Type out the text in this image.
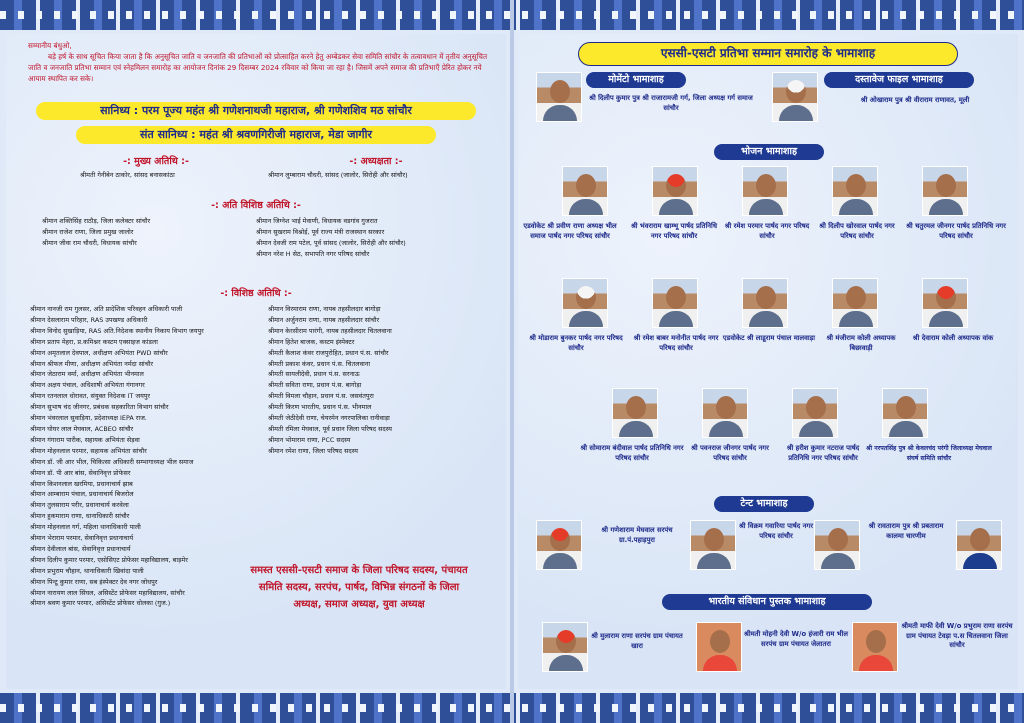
सम्मानीय बंधुओ,
बड़े हर्ष के साथ सूचित किया जाता है कि अनुसूचित जाति व जनजाति की प्रतिभाओं को प्रोत्साहित करने हेतु अम्बेडकर सेवा समिति सांचौर के तत्वावधान में तृतीय अनुसूचित जाति व जनजाति प्रतिभा सम्मान एवं स्नेहमिलन समारोह का आयोजन दिनांक 29 दिसम्बर 2024 रविवार को किया जा रहा है। जिसमें अपने समाज की प्रतिभाएँ प्रेरित होकर नये आयाम स्थापित कर सके।
सानिध्य : परम पूज्य महंत श्री गणेशनाथजी महाराज, श्री गणेशशिव मठ सांचौर
संत सानिध्य : महंत श्री श्रवणगिरीजी महाराज, मेडा जागीर
-: मुख्य अतिथि :-
श्रीमती गेनीबेन ठाकोर, सांसद बनासकांठा
-: अध्यक्षता :-
श्रीमान लुम्बाराम चौधरी, सांसद (जालोर, सिरोही और सांचौर)
-: अति विशिष्ठ अतिथि :-
श्रीमान शक्तिसिंह राठौड़, जिला कलेक्टर सांचौर
श्रीमान राजेश राणा, जिला प्रमुख जालोर
श्रीमान जीवा राम चौधरी, विधायक सांचौर
श्रीमान जिग्नेश भाई मेवाणी, विधायक वडगांव गुजरात
श्रीमान सुखराम विश्नोई, पूर्व राज्य मंत्री राजस्थान सरकार
श्रीमान देवजी राम पटेल, पूर्व सांसद (जालोर, सिरोही और सांचौर)
श्रीमान नरेश H सेठ, सभापति नगर परिषद सांचौर
-: विशिष्ठ अतिथि :-
श्रीमान नानजी राम गुलसर, अति प्रादेशिक परिवहन अधिकारी पाली
श्रीमान देसलाराम परिहार, RAS उपखण्ड अधिकारी
श्रीमान विनोद सुखाड़िया, RAS अति.निदेशक स्थानीय निकाय विभाग जयपुर
श्रीमान प्रताप मेहरा, प्र.कमिश्नर कस्टम एक्साइज कांडला
श्रीमान अमृतलाल देवपाल, अधीक्षण अभियंता PWD सांचौर
श्रीमान श्रीफल मीणा, अधीक्षण अभियंता नर्मदा सांचौर
श्रीमान जेठाराम वर्मा, अधीक्षण अभियंता भीनमाल
श्रीमान अक्षय पंचाल, अधिशाषी अभियंता गंगानगर
श्रीमान रतनलाल धोरावत, संयुक्त निदेशक IT जयपुर
श्रीमान सुभाष चंद जीनगर, प्रबंधक सहकारिता विभाग सांचौर
श्रीमान भंवरलाल सुवाड़िया, प्रदेशाध्यक्ष IEPA राज.
श्रीमान घोघर लाल मेघवाल, ACBEO सांचौर
श्रीमान गंगाराम पारीक, सहायक अभियंता सेड़वा
श्रीमान मोहनलाल परमार, सहायक अभियंता सांचौर
श्रीमान डॉ. जी आर भील, चिकित्सा अधिकारी सम्भागाध्यक्ष भील समाज
श्रीमान डॉ. पी आर बांस, सेवानिवृत्त प्रोफेसर
श्रीमान किशनलाल खरमिया, प्रधानाचार्य झाब
श्रीमान आम्बाराम पंचाल, प्रधानाचार्य बिजरोल
श्रीमान तुलसाराम परीर, प्रधानाचार्य करवेला
श्रीमान हुकमाराम राणा, धानाधिकारी सांचौर
श्रीमान मोहनलाल गर्ग, महिला थानाधिकारी पाली
श्रीमान भेराराम परमार, सेवानिवृत्त प्रधानाचार्य
श्रीमान देवीलाल बांस, सेवानिवृत्त प्रधानाचार्य
श्रीमान दिलीप कुमार परमार, एसोसिएट प्रोफेसर महाविद्यालय, बाड़मेर
श्रीमान प्रभुराम चौहान, थानाधिकारी खिवांदा पाली
श्रीमान पिन्टू कुमार राणा, सब इंस्पेक्टर देव नगर जोधपुर
श्रीमान नारायण लाल सिंघल, असिस्टेंट प्रोफेसर महाविद्यालय, सांचौर
श्रीमान श्रवण कुमार परमार, असिस्टेंट प्रोफेसर धोलका (गुज.)
श्रीमान विरमाराम राणा, नायब तहसीलदार बागोड़ा
श्रीमान अर्जुनराम राणा, नायब तहसीलदार सांचौर
श्रीमान केरसीराम पारंगी, नायब तहसीलदार चितलवाना
श्रीमान हितेश बाजक, कस्टम इंस्पेक्टर
श्रीमती कैलाश कंवर राजपुरोहित, प्रधान पं.स. सांचौर
श्रीमती प्रकाश कंवर, प्रधान पं.स. चितलवाना
श्रीमती सायलीदेवी, प्रधान पं.स. सरनाऊ
श्रीमती सविता राणा, प्रधान पं.स. बागोड़ा
श्रीमती विमला चौहान, प्रधान पं.स. जसवंतपुरा
श्रीमती किरण भारतीय, प्रधान पं.स. भीनमाल
श्रीमती जेठीदेवी राणा, चेयरमेन नगरपालिका रानीवाड़ा
श्रीमती रमिला मेघवाल, पूर्व प्रधान जिला परिषद सदस्य
श्रीमान भोमाराम राणा, PCC सदस्य
श्रीमान रमेश राणा, जिला परिषद सदस्य
समस्त एससी-एसटी समाज के जिला परिषद सदस्य, पंचायत समिति सदस्य, सरपंच, पार्षद, विभिन्न संगठनों के जिला अध्यक्ष, समाज अध्यक्ष, युवा अध्यक्ष
एससी-एसटी प्रतिभा सम्मान समारोह के भामाशाह
मोमेंटो भामाशाह
श्री दिलीप कुमार पुत्र श्री राजारामजी गर्ग, जिला अध्यक्ष गर्ग समाज सांचौर
दस्तावेज फाइल भामाशाह
श्री ओखाराम पुत्र श्री वीराराम राणावत, मूली
भोजन भामाशाह
एडवोकेट श्री प्रवीण राणा अध्यक्ष भील समाज पार्षद नगर परिषद सांचौर
श्री भंवराराम खाम्भू पार्षद प्रतिनिधि नगर परिषद सांचौर
श्री रमेश परमार पार्षद नगर परिषद सांचौर
श्री दिलीप खोरवाल पार्षद नगर परिषद सांचौर
श्री चतुरमल जीनगर पार्षद प्रतिनिधि नगर परिषद सांचौर
श्री मोडाराम बुनकर पार्षद नगर परिषद सांचौर
श्री रमेश बाबर मनोनीत पार्षद नगर परिषद सांचौर
एडवोकेट श्री लाडूराम पंचाल मालवाड़ा	श्री मंजीराम कोली अध्यापक बिछावाड़ी
श्री देवाराम कोली अध्यापक वांक
श्री सोमाराम बंदीवाल पार्षद प्रतिनिधि नगर परिषद सांचौर
श्री पवनराज जीनगर पार्षद नगर परिषद सांचौर
श्री हरीश कुमार नटराज पार्षद प्रतिनिधि नगर परिषद सांचौर
श्री नरपतसिंह पुत्र श्री केवलचंद परंगी जिलाध्यक्ष मेघवाल संघर्ष समिति सांचौर
टेन्ट भामाशाह
श्री गणेशाराम मेघवाल सरपंच ग्रा.पं.पहाड़पुरा
श्री विक्रम गवारिया पार्षद नगर परिषद सांचौर
श्री रावताराम पुत्र श्री प्रबताराम कालमा चारणीम
भारतीय संविधान पुस्तक भामाशाह
श्री मुलाराम राणा सरपंच ग्राम पंचायत खारा
श्रीमती मोहनी देवी W/o हंजारी राम भील सरपंच ग्राम पंचायत जेलातरा
श्रीमती माफी देवी W/o प्रभुराम राणा सरपंच ग्राम पंचायत टेवड़ा प.स चितलवाना जिला सांचौर
